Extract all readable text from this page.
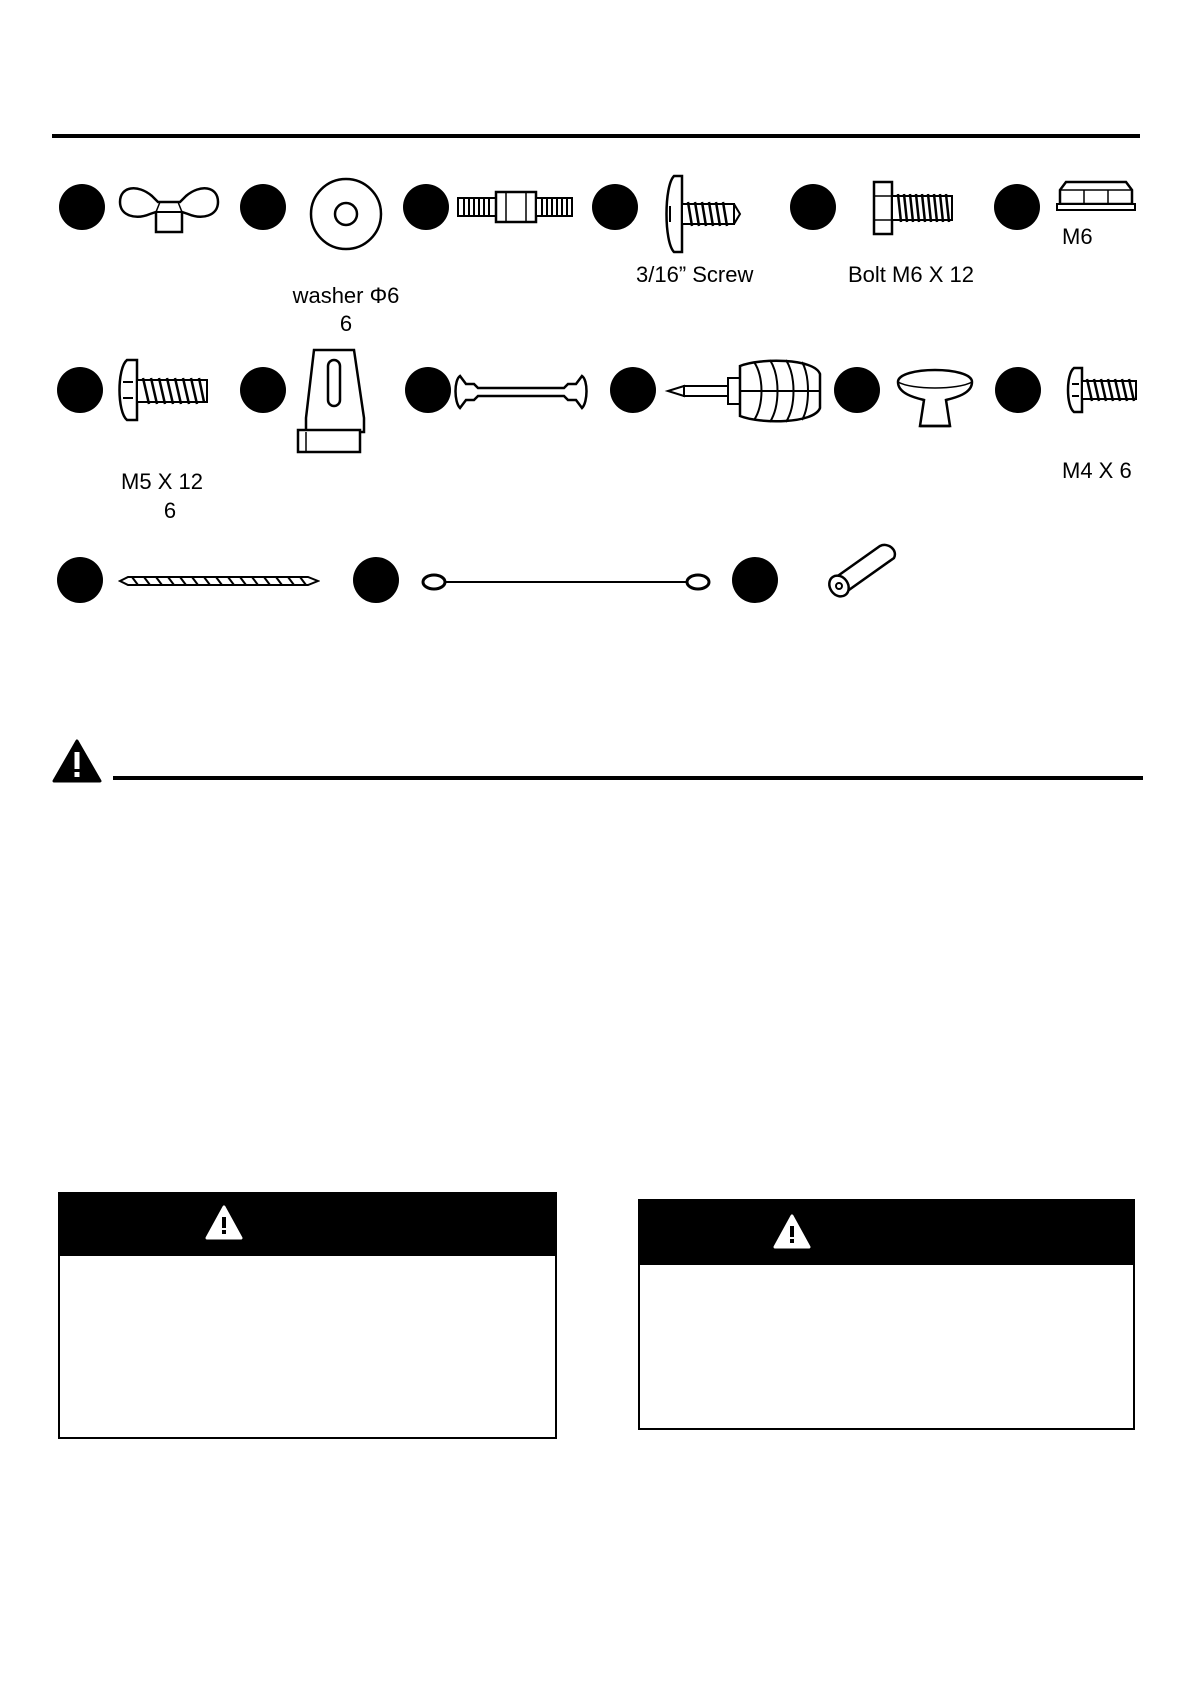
3/16” Screw	Bolt M6 X 12
M6
washer Φ6
6
M5 X 12
6
M4 X 6
